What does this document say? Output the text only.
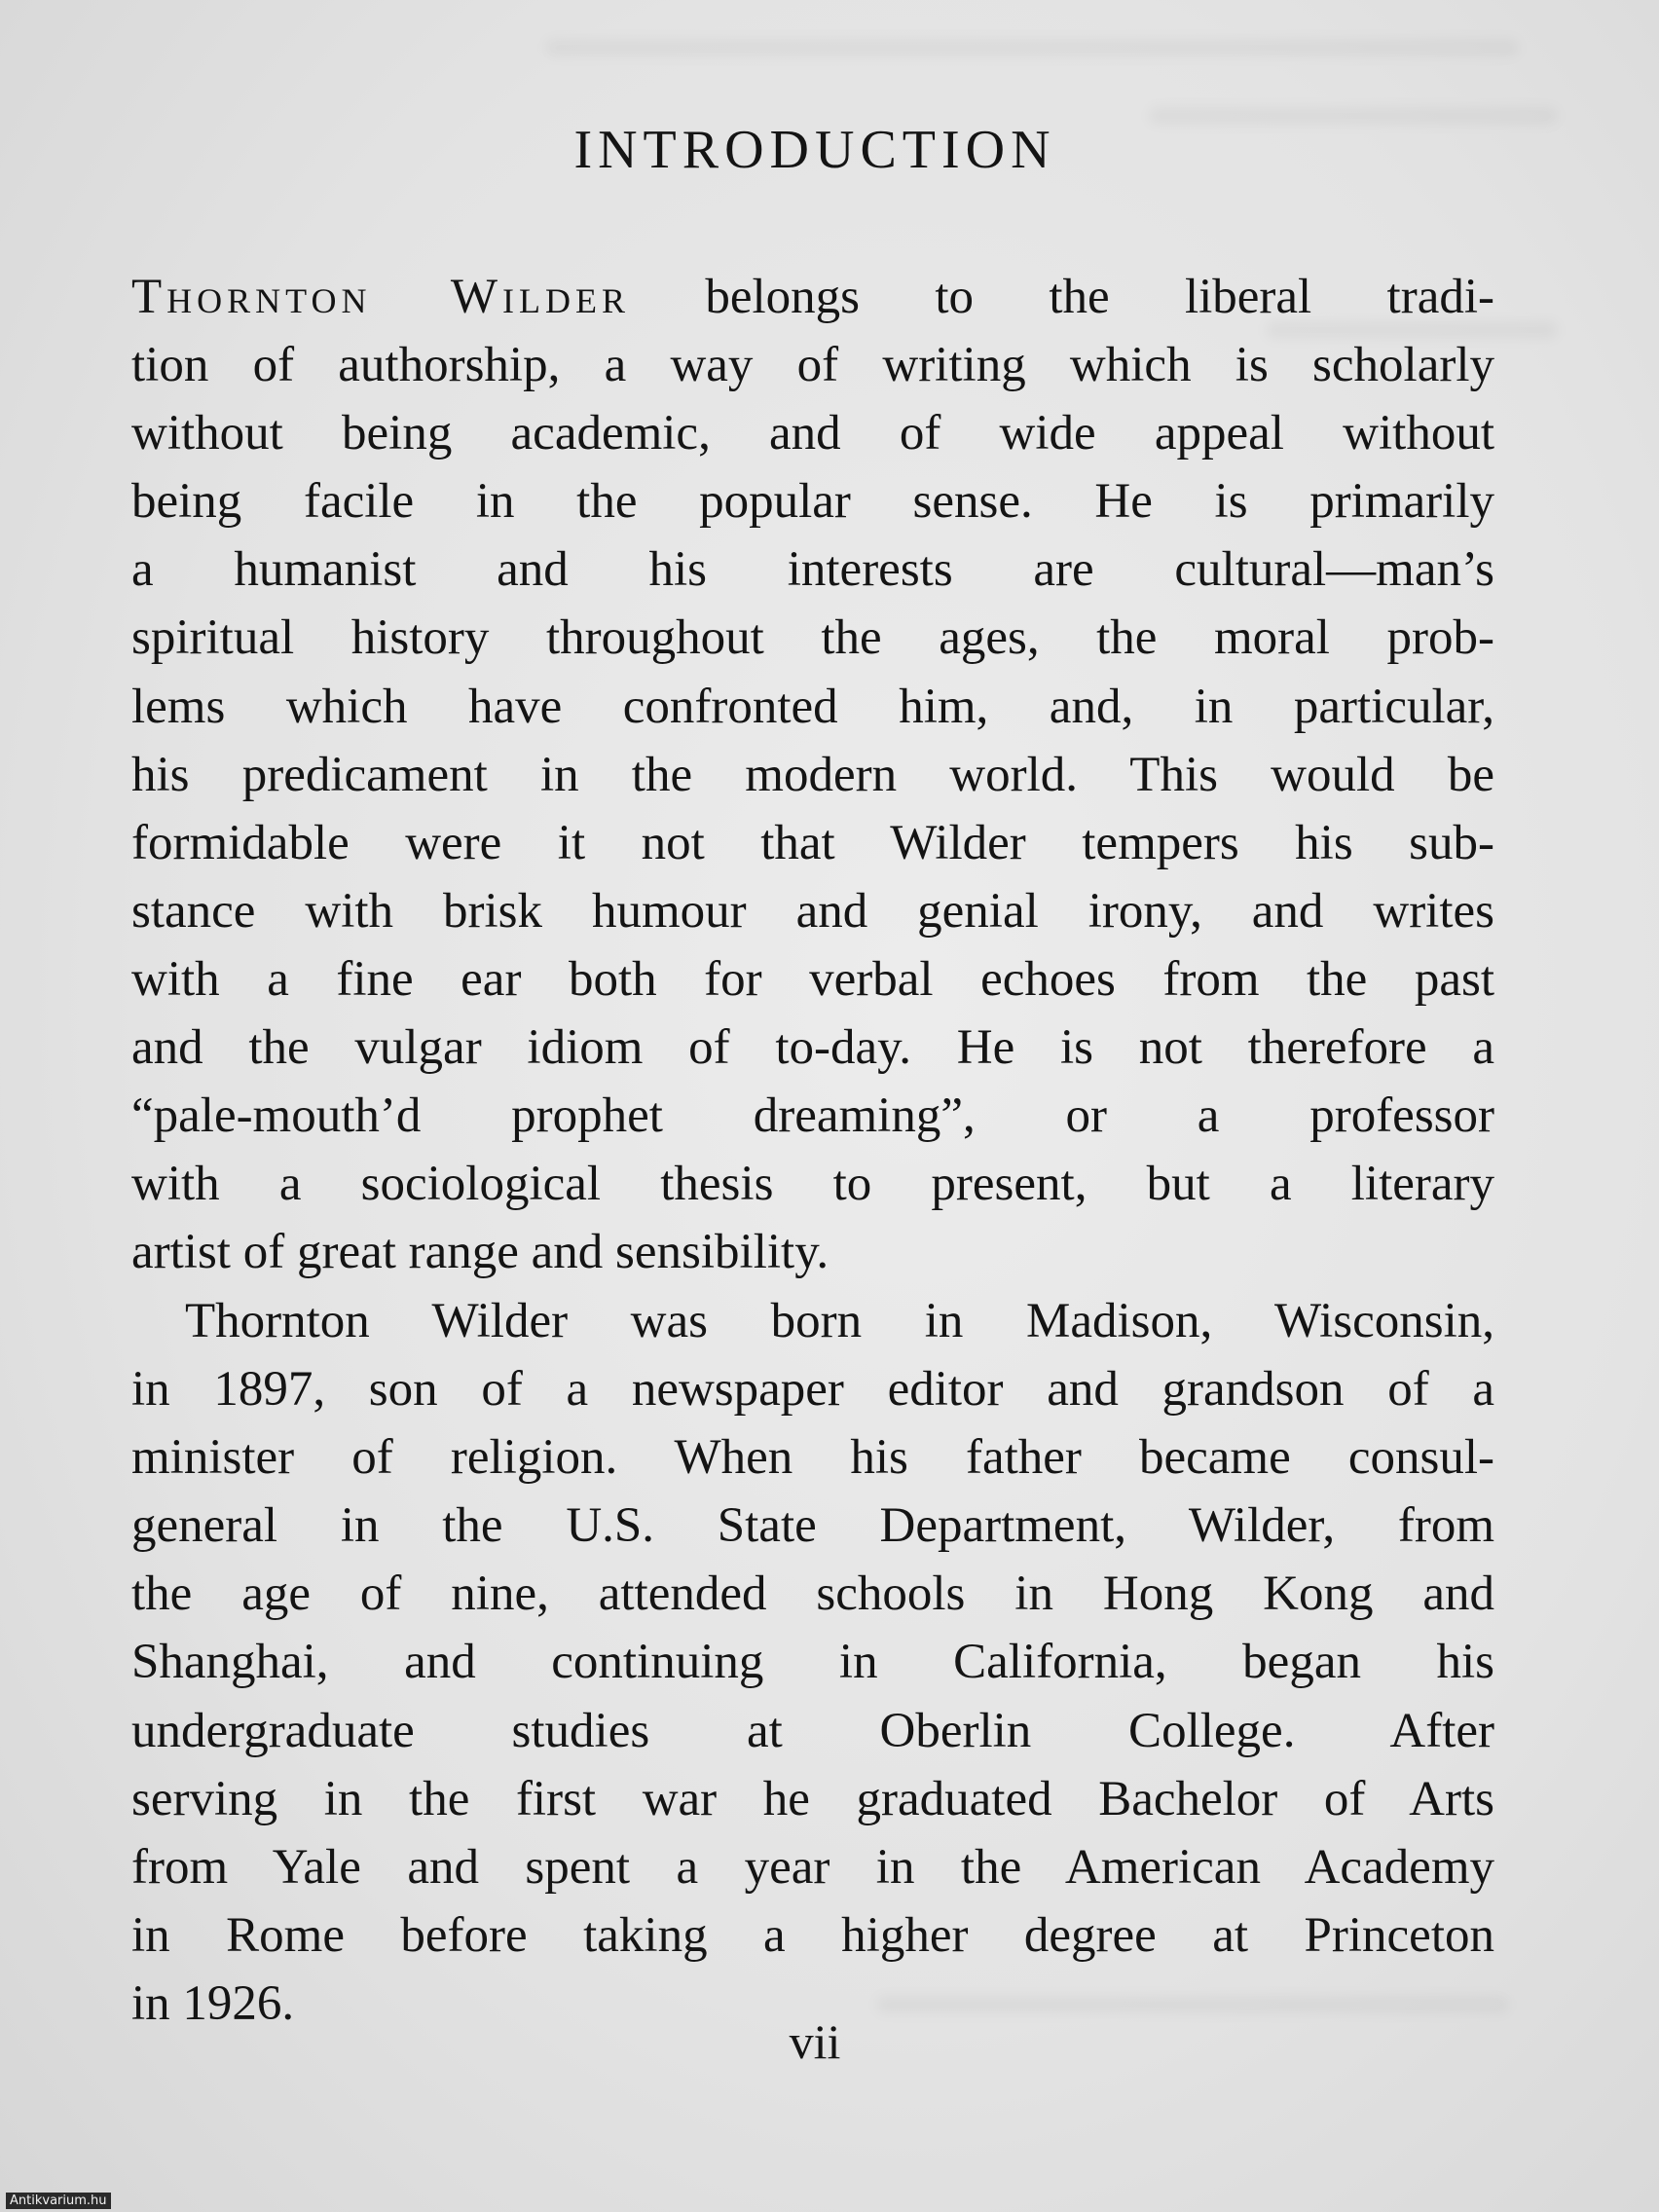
INTRODUCTION
Thornton Wilder belongs to the liberal tradi-
tion of authorship, a way of writing which is scholarly
without being academic, and of wide appeal without
being facile in the popular sense. He is primarily
a humanist and his interests are cultural—man’s
spiritual history throughout the ages, the moral prob-
lems which have confronted him, and, in particular,
his predicament in the modern world. This would be
formidable were it not that Wilder tempers his sub-
stance with brisk humour and genial irony, and writes
with a fine ear both for verbal echoes from the past
and the vulgar idiom of to-day. He is not therefore a
“pale-mouth’d prophet dreaming”, or a professor
with a sociological thesis to present, but a literary
artist of great range and sensibility.
Thornton Wilder was born in Madison, Wisconsin,
in 1897, son of a newspaper editor and grandson of a
minister of religion. When his father became consul-
general in the U.S. State Department, Wilder, from
the age of nine, attended schools in Hong Kong and
Shanghai, and continuing in California, began his
undergraduate studies at Oberlin College. After
serving in the first war he graduated Bachelor of Arts
from Yale and spent a year in the American Academy
in Rome before taking a higher degree at Princeton
in 1926.
vii
Antikvarium.hu
